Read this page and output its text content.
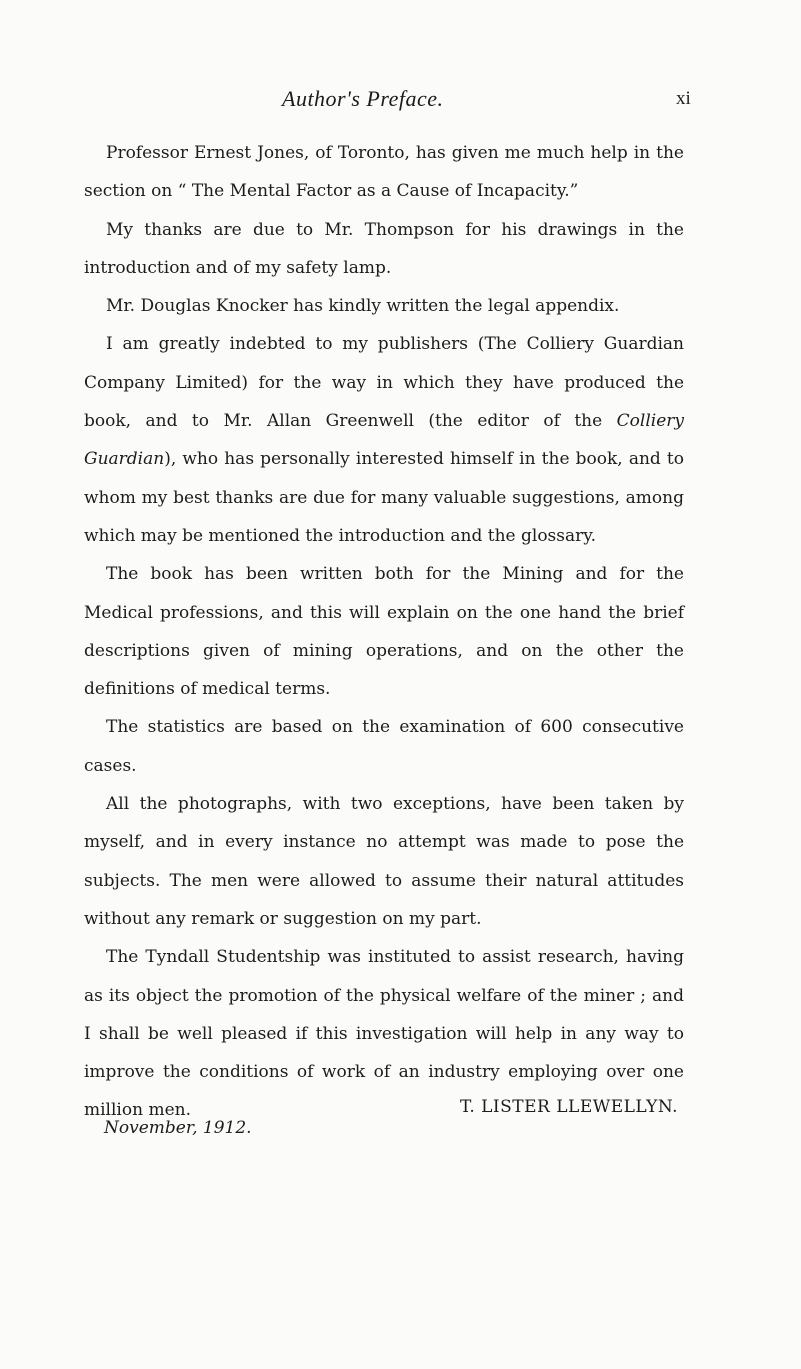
Author's Preface.	xi

Professor Ernest Jones, of Toronto, has given me much help in the section on “ The Mental Factor as a Cause of Incapacity.”

My thanks are due to Mr. Thompson for his drawings in the introduction and of my safety lamp.

Mr. Douglas Knocker has kindly written the legal appendix.

I am greatly indebted to my publishers (The Colliery Guardian Company Limited) for the way in which they have produced the book, and to Mr. Allan Greenwell (the editor of the Colliery Guardian), who has personally interested himself in the book, and to whom my best thanks are due for many valuable suggestions, among which may be mentioned the introduction and the glossary.

The book has been written both for the Mining and for the Medical professions, and this will explain on the one hand the brief descriptions given of mining operations, and on the other the definitions of medical terms.

The statistics are based on the examination of 600 consecutive cases.

All the photographs, with two exceptions, have been taken by myself, and in every instance no attempt was made to pose the subjects. The men were allowed to assume their natural attitudes without any remark or suggestion on my part.

The Tyndall Studentship was instituted to assist research, having as its object the promotion of the physical welfare of the miner ; and I shall be well pleased if this investigation will help in any way to improve the conditions of work of an industry employing over one million men.	T. LISTER LLEWELLYN.
November, 1912.
